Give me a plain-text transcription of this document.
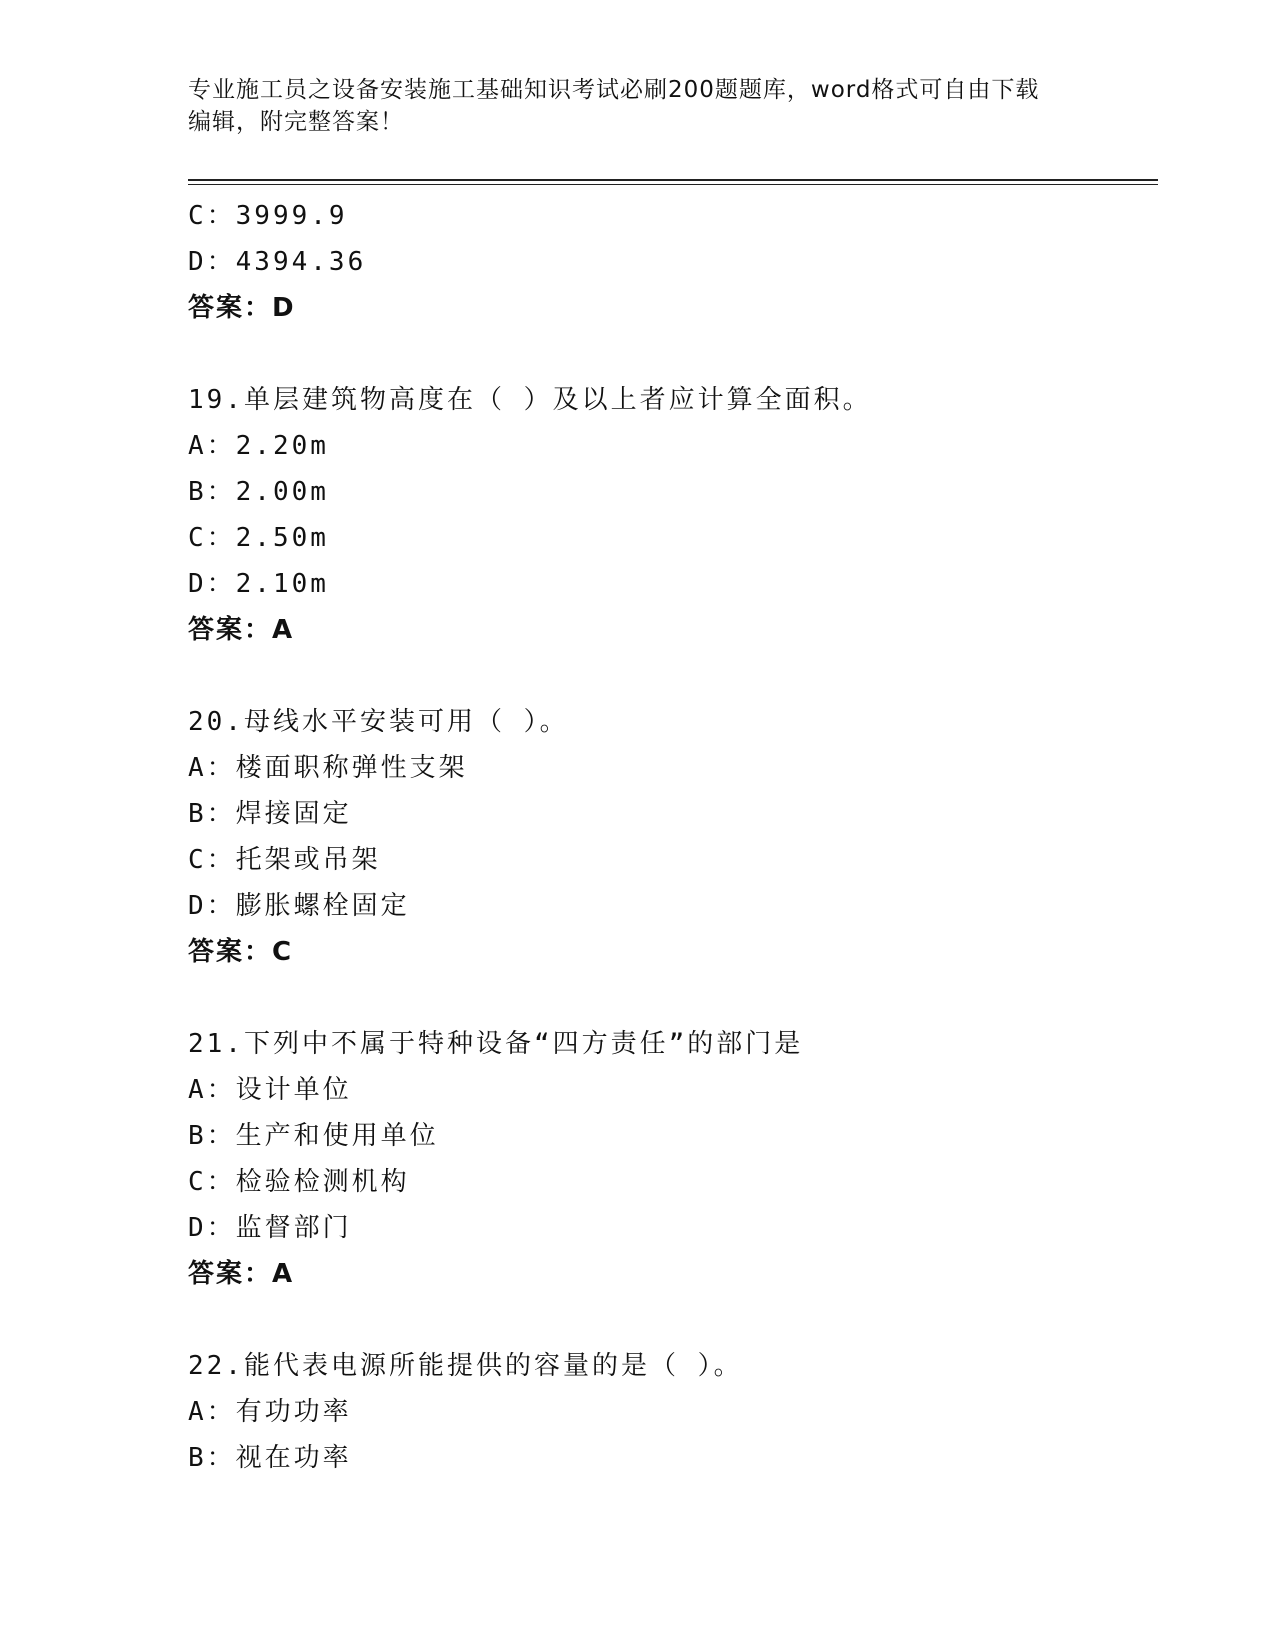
专业施工员之设备安装施工基础知识考试必刷200题题库，word格式可自由下载
编辑，附完整答案！
C：3999.9
D：4394.36
答案：D
19.单层建筑物高度在（ ）及以上者应计算全面积。
A：2.20m
B：2.00m
C：2.50m
D：2.10m
答案：A
20.母线水平安装可用（ ）。
A：楼面职称弹性支架
B：焊接固定
C：托架或吊架
D：膨胀螺栓固定
答案：C
21.下列中不属于特种设备“四方责任”的部门是
A：设计单位
B：生产和使用单位
C：检验检测机构
D：监督部门
答案：A
22.能代表电源所能提供的容量的是（ ）。
A：有功功率
B：视在功率
